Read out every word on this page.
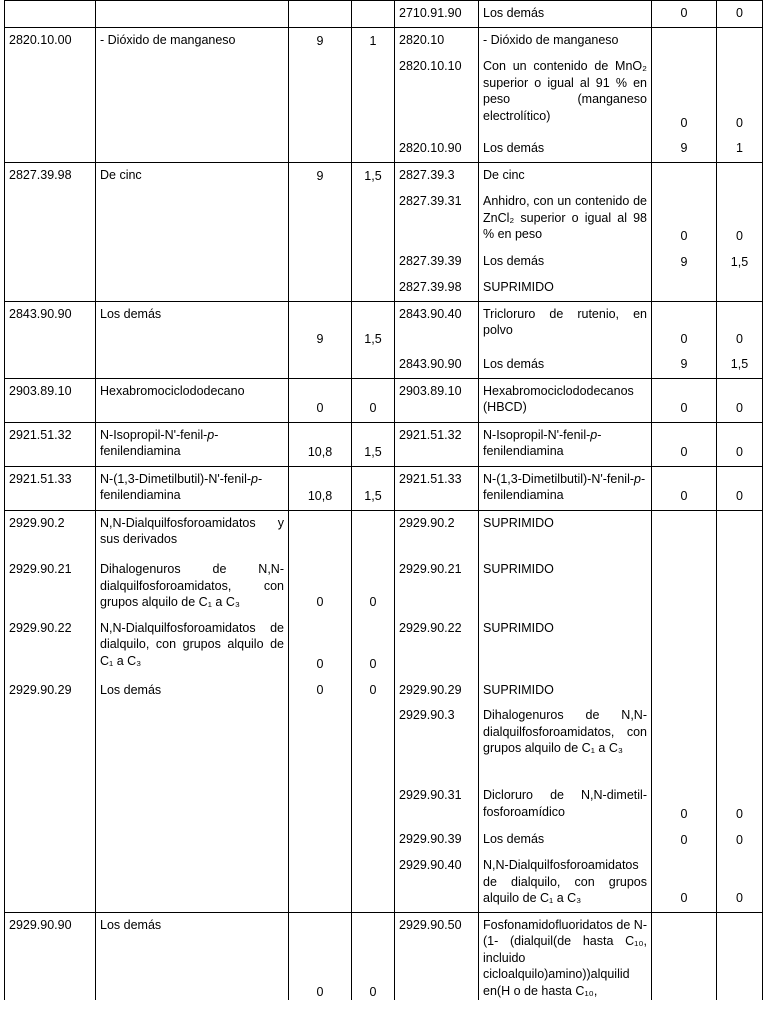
				2710.91.90	Los demás	0	0
2820.10.00	- Dióxido de manganeso	9	1	2820.10	- Dióxido de manganeso		
				2820.10.10	Con un contenido de MnO₂ superior o igual al 91 % en peso (manganeso electrolítico)	0	0
				2820.10.90	Los demás	9	1
2827.39.98	De cinc	9	1,5	2827.39.3	De cinc		
				2827.39.31	Anhidro, con un contenido de ZnCl₂ superior o igual al 98 % en peso	0	0
				2827.39.39	Los demás	9	1,5
				2827.39.98	SUPRIMIDO		
2843.90.90	Los demás	9	1,5	2843.90.40	Tricloruro de rutenio, en polvo	0	0
				2843.90.90	Los demás	9	1,5
2903.89.10	Hexabromociclododecano	0	0	2903.89.10	Hexabromociclododecanos (HBCD)	0	0
2921.51.32	N-Isopropil-N'-fenil-p-fenilendiamina	10,8	1,5	2921.51.32	N-Isopropil-N'-fenil-p-fenilendiamina	0	0
2921.51.33	N-(1,3-Dimetilbutil)-N'-fenil-p-fenilendiamina	10,8	1,5	2921.51.33	N-(1,3-Dimetilbutil)-N'-fenil-p-fenilendiamina	0	0
2929.90.2	N,N-Dialquilfosforoamidatos y sus derivados			2929.90.2	SUPRIMIDO		
2929.90.21	Dihalogenuros de N,N-dialquilfosforoamidatos, con grupos alquilo de C₁ a C₃	0	0	2929.90.21	SUPRIMIDO		
2929.90.22	N,N-Dialquilfosforoamidatos de dialquilo, con grupos alquilo de C₁ a C₃	0	0	2929.90.22	SUPRIMIDO		
2929.90.29	Los demás	0	0	2929.90.29	SUPRIMIDO		
				2929.90.3	Dihalogenuros de N,N-dialquilfosforoamidatos, con grupos alquilo de C₁ a C₃		
				2929.90.31	Dicloruro de N,N-dimetil-fosforoamídico	0	0
				2929.90.39	Los demás	0	0
				2929.90.40	N,N-Dialquilfosforoamidatos de dialquilo, con grupos alquilo de C₁ a C₃	0	0
2929.90.90	Los demás	0	0	2929.90.50	Fosfonamidofluoridatos de N-(1- (dialquil(de hasta C₁₀, incluido cicloalquilo)amino))alquilid en(H o de hasta C₁₀,		
